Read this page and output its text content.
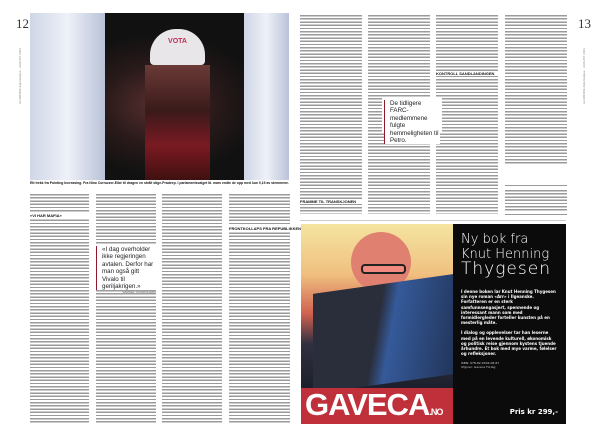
12
LE MONDE diplomatique · AUGUST 2021
VOTA
Ett trekk fra Pointing Increasing. Fra Nino Corruzzer-Elbé til dragen en strålt stige-Pradeep. I parlamentsvalget lå. mars endte de opp med kun 0,19 av stemmene.
«VI HAR MAFIA»
FRONTKOLLAPS FRA REPUBLIKKEN
«I dag overholder ikke regjeringen avtalen. Derfor har man også gitt Vivalo til geriljakrigen.»
SAMUEL, Komoros-leder
13
LE MONDE diplomatique · AUGUST 2021
FRAMME TIL TRANSKJONEN
KONTROLL SANDLANDINGEN
De tidligere FARC-medlemmene fulgte hemmeligheten til Petro.
GAVECA.NO
Ny bok fra
Knut Henning
Thygesen
I denne boken lar Knut Henning Thygesen sin nye roman «Arr» i Ilgeanske. Forfatteren er en sterk samfunnsengasjert, spennende og interessant mann som med formidlergleder forteller kunsten på en mesterlig måte.
I dialog og opplevelser tar han leserne med på en levende kulturell, økonomisk og politisk reise gjennom kystens tjuende århundre. Et bok med mye varme, følelser og refleksjoner.
ISBN: 978-82-9302-08-87
Utgiver: Gaveca Forlag
Pris kr 299,-
